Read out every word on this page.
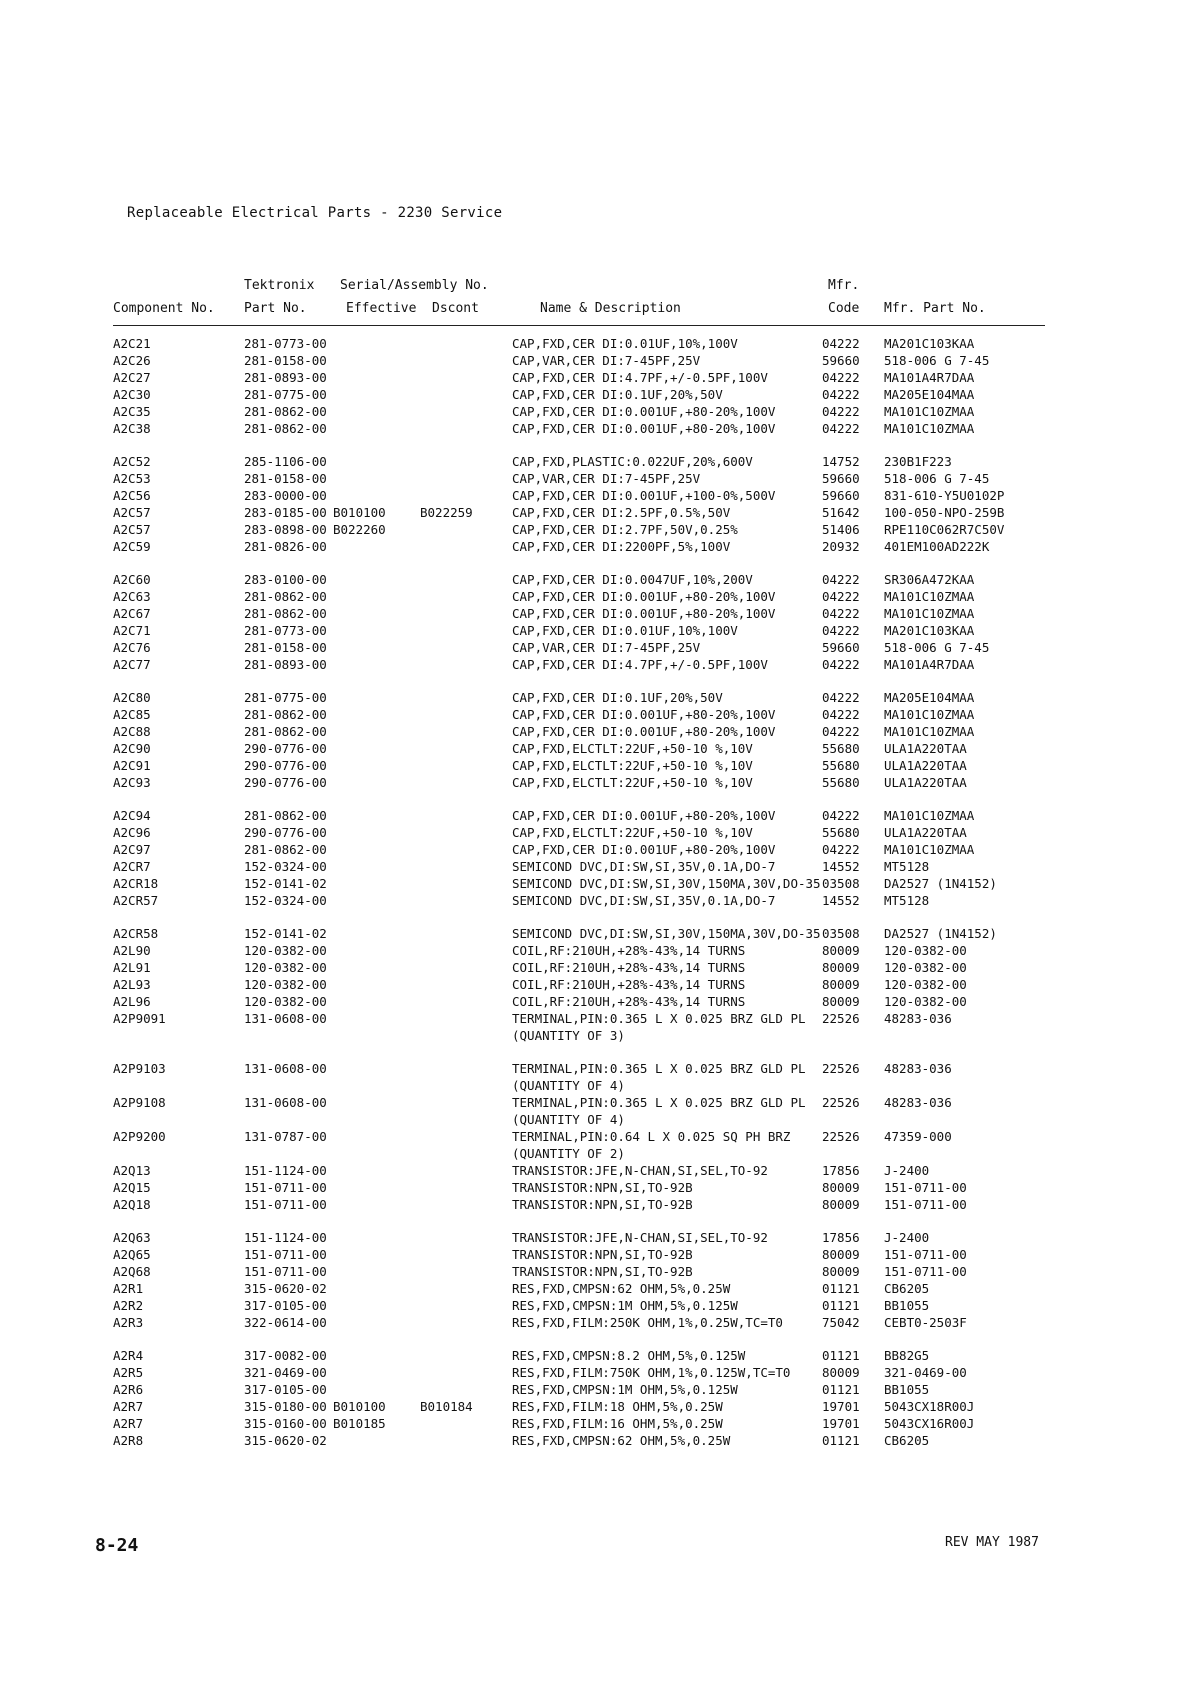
Replaceable Electrical Parts - 2230 Service
Tektronix Serial/Assembly No.	Mfr.
Component No. Part No.	Effective Dscont	Name & Description	Code Mfr. Part No.
A2C21	281-0773-00	CAP,FXD,CER DI:0.01UF,10%,100V	04222 MA201C103KAA
A2C26	281-0158-00	CAP,VAR,CER DI:7-45PF,25V	59660 518-006 G 7-45
A2C27	281-0893-00	CAP,FXD,CER DI:4.7PF,+/-0.5PF,100V	04222 MA101A4R7DAA
A2C30	281-0775-00	CAP,FXD,CER DI:0.1UF,20%,50V	04222 MA205E104MAA
A2C35	281-0862-00	CAP,FXD,CER DI:0.001UF,+80-20%,100V	04222 MA101C10ZMAA
A2C38	281-0862-00	CAP,FXD,CER DI:0.001UF,+80-20%,100V	04222 MA101C10ZMAA
A2C52	285-1106-00	CAP,FXD,PLASTIC:0.022UF,20%,600V	14752 230B1F223
A2C53	281-0158-00	CAP,VAR,CER DI:7-45PF,25V	59660 518-006 G 7-45
A2C56	283-0000-00	CAP,FXD,CER DI:0.001UF,+100-0%,500V	59660 831-610-Y5U0102P
A2C57	283-0185-00 B010100	B022259	CAP,FXD,CER DI:2.5PF,0.5%,50V	51642 100-050-NPO-259B
A2C57	283-0898-00 B022260	CAP,FXD,CER DI:2.7PF,50V,0.25%	51406 RPE110C062R7C50V
A2C59	281-0826-00	CAP,FXD,CER DI:2200PF,5%,100V	20932 401EM100AD222K
A2C60	283-0100-00	CAP,FXD,CER DI:0.0047UF,10%,200V	04222 SR306A472KAA
A2C63	281-0862-00	CAP,FXD,CER DI:0.001UF,+80-20%,100V	04222 MA101C10ZMAA
A2C67	281-0862-00	CAP,FXD,CER DI:0.001UF,+80-20%,100V	04222 MA101C10ZMAA
A2C71	281-0773-00	CAP,FXD,CER DI:0.01UF,10%,100V	04222 MA201C103KAA
A2C76	281-0158-00	CAP,VAR,CER DI:7-45PF,25V	59660 518-006 G 7-45
A2C77	281-0893-00	CAP,FXD,CER DI:4.7PF,+/-0.5PF,100V	04222 MA101A4R7DAA
A2C80	281-0775-00	CAP,FXD,CER DI:0.1UF,20%,50V	04222 MA205E104MAA
A2C85	281-0862-00	CAP,FXD,CER DI:0.001UF,+80-20%,100V	04222 MA101C10ZMAA
A2C88	281-0862-00	CAP,FXD,CER DI:0.001UF,+80-20%,100V	04222 MA101C10ZMAA
A2C90	290-0776-00	CAP,FXD,ELCTLT:22UF,+50-10 %,10V	55680 ULA1A220TAA
A2C91	290-0776-00	CAP,FXD,ELCTLT:22UF,+50-10 %,10V	55680 ULA1A220TAA
A2C93	290-0776-00	CAP,FXD,ELCTLT:22UF,+50-10 %,10V	55680 ULA1A220TAA
A2C94	281-0862-00	CAP,FXD,CER DI:0.001UF,+80-20%,100V	04222 MA101C10ZMAA
A2C96	290-0776-00	CAP,FXD,ELCTLT:22UF,+50-10 %,10V	55680 ULA1A220TAA
A2C97	281-0862-00	CAP,FXD,CER DI:0.001UF,+80-20%,100V	04222 MA101C10ZMAA
A2CR7	152-0324-00	SEMICOND DVC,DI:SW,SI,35V,0.1A,DO-7	14552 MT5128
A2CR18	152-0141-02	SEMICOND DVC,DI:SW,SI,30V,150MA,30V,DO-35 03508 DA2527 (1N4152)
A2CR57	152-0324-00	SEMICOND DVC,DI:SW,SI,35V,0.1A,DO-7	14552 MT5128
A2CR58	152-0141-02	SEMICOND DVC,DI:SW,SI,30V,150MA,30V,DO-35 03508 DA2527 (1N4152)
A2L90	120-0382-00	COIL,RF:210UH,+28%-43%,14 TURNS	80009 120-0382-00
A2L91	120-0382-00	COIL,RF:210UH,+28%-43%,14 TURNS	80009 120-0382-00
A2L93	120-0382-00	COIL,RF:210UH,+28%-43%,14 TURNS	80009 120-0382-00
A2L96	120-0382-00	COIL,RF:210UH,+28%-43%,14 TURNS	80009 120-0382-00
A2P9091	131-0608-00	TERMINAL,PIN:0.365 L X 0.025 BRZ GLD PL 22526 48283-036
(QUANTITY OF 3)
A2P9103	131-0608-00	TERMINAL,PIN:0.365 L X 0.025 BRZ GLD PL 22526 48283-036
(QUANTITY OF 4)
A2P9108	131-0608-00	TERMINAL,PIN:0.365 L X 0.025 BRZ GLD PL 22526 48283-036
(QUANTITY OF 4)
A2P9200	131-0787-00	TERMINAL,PIN:0.64 L X 0.025 SQ PH BRZ	22526 47359-000
(QUANTITY OF 2)
A2Q13	151-1124-00	TRANSISTOR:JFE,N-CHAN,SI,SEL,TO-92	17856 J-2400
A2Q15	151-0711-00	TRANSISTOR:NPN,SI,TO-92B	80009 151-0711-00
A2Q18	151-0711-00	TRANSISTOR:NPN,SI,TO-92B	80009 151-0711-00
A2Q63	151-1124-00	TRANSISTOR:JFE,N-CHAN,SI,SEL,TO-92	17856 J-2400
A2Q65	151-0711-00	TRANSISTOR:NPN,SI,TO-92B	80009 151-0711-00
A2Q68	151-0711-00	TRANSISTOR:NPN,SI,TO-92B	80009 151-0711-00
A2R1	315-0620-02	RES,FXD,CMPSN:62 OHM,5%,0.25W	01121 CB6205
A2R2	317-0105-00	RES,FXD,CMPSN:1M OHM,5%,0.125W	01121 BB1055
A2R3	322-0614-00	RES,FXD,FILM:250K OHM,1%,0.25W,TC=T0	75042 CEBT0-2503F
A2R4	317-0082-00	RES,FXD,CMPSN:8.2 OHM,5%,0.125W	01121 BB82G5
A2R5	321-0469-00	RES,FXD,FILM:750K OHM,1%,0.125W,TC=T0	80009 321-0469-00
A2R6	317-0105-00	RES,FXD,CMPSN:1M OHM,5%,0.125W	01121 BB1055
A2R7	315-0180-00 B010100	B010184	RES,FXD,FILM:18 OHM,5%,0.25W	19701 5043CX18R00J
A2R7	315-0160-00 B010185	RES,FXD,FILM:16 OHM,5%,0.25W	19701 5043CX16R00J
A2R8	315-0620-02	RES,FXD,CMPSN:62 OHM,5%,0.25W	01121 CB6205
8-24	REV MAY 1987
